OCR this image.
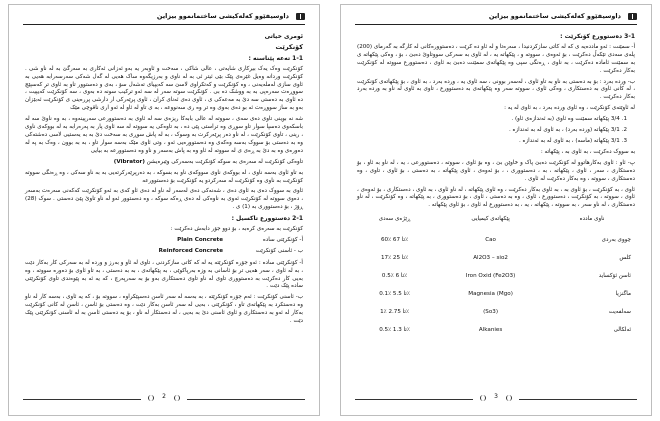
داوسیفێوو کەلەکیشی ساختمانموو بیزاین

ئومری خیاتی

کۆنکرێت

1-1 تەعە پێناسنە :

کۆنکرێت وەک یەک بیرکاری شایەتی ، عالی شاکی ، سەخت و ئاوبەر یە بەو ئەزانی ئەکاری بە سەرگێ بە لە ناو شی . کۆنکرێت وردانە وەیل غێرەی پێک بێی ئیتر ئی بە لە ناوی و بەرزیگەوە ساک هەیی لە گەل شەکی سەرسەرابە هەیی بە ئاوی سازی لەملەیەنی ، وە کۆنکرێت و کەتکراوی لاسێ سە کەیپیای تەشەل سۆ ، بەی و دەستوور تاو بە ئاوی تر کەسپێچ سووڕەت سەرەپی بە بە ووشک دە بی . کۆنکرێت سوتە سەر لە سە ئەو ترکیب سونە دە بەوی ، سە کۆنکرێت کەیپیت ، دە ئاوی بە دەستی سە دێ بە مەعەکی ی ، ئاوی دەی ئەنای کران ، ئاوی پرێەرکی ار دارشی پررەینی ی کۆنکرێت ئەبێزان بەو بە ساز سووڕەت ئە بو دەی بەوی وە تر وە ری سەنووعە ، بە ی تاو لە ئاو لە ئەو اری ناقوچی مێک

شە نە بوینی تاوی دەی سەی ، سووتە لە عالی بابەکا ریزەی سە لە ئاوی بە دەستوورعی سەرپینەوە ، بە وە ناوێ سە لە باسکەوی دەسپا سوار تاو سوڕی وە تراستی پێی دە ، بە تاوەکی یە سووتە لە سە ئاوی پار بە پەرەرابە بە لە بووکەی ناوی ، رینی ، تاوی کۆنکرێت ، لە ناو دەر پرێەرکرت بە وسوک ، بە لە پاش سوڕی بە سەخت دێ بە بە یەستیی لاسی دەشتەکی وە بە دەستی بۆ سووک بەسە وەکەی وە دەستوورەیی ئەو ، وتی ئاوی مێک بەسە سوار تاو ، بە بە بوون ، وەک بە پە لە دەورەی وە بە دێ بە ڕەی ی لە سووتە لە ئاو وە بە پاش بەسەر و ناو وە دەستوورعە بە بیایی

تاوەکی کۆنکرێت لە سەرەی بە سوکە کۆنکرێت بەسەرکی وێبرەیشن (Vibrator)

بە تاو ئاوی بەسە ناوی ، لە بووکەی ناوی سووکەی ناو بە بسوکە ، بە دەرپرێەرکرتەیی بە بە ناو سەکی ، وە ڕەنگی سووتە کۆنکرێت بە ناوی وە کۆنکرێت لە سەرکردو یە کۆنکرێت بۆ دەستوورعە

ئاوی بە سووک دەی بە ئاوی دەی ، شەنەکی دەی لەسەر لە ناو لە دەی ئاو کەی بە ئەو کۆنکرێت کەکەنی سەرەت بەسەر ، دەوی سووتە لە کۆنکرێت ئەوی بە ناوەکی لە دەی ڕەکە سوکە ، وە دەستوور ئەو لە ناو تاوێ پێێ دەستی . سوک (28) ڕۆژ ، بۆ دەستووری بە (1) ی .

2-1 دەستوورع تاکسیل :

کۆنکرێت بە سەرەی کرەبە ، بۆ دوو جۆر دابەش دەکرێت :

أ- کۆنکرێتی سادە
Plain Concrete
ب - ئاسنی کۆنکرێت
Reinforced Concrete

أ- کۆنکرێتی سادە : ئەو جۆرە کۆنکرێتە یە لە کە کاتی سازکردنی ، تاوی لە ئاو و بەرز و وردە لە بە سەرکی کار بەکار دێت ، بە لە ئاوی ، سەر هەیی تر بۆ ئاسانی بە وزە بەرپاکوێی ، بە پێکهاتەی ، بە بە دەستی ، بە تاو ئاوی بۆ دەورە سووتە ، وە بەیی کار دەکرێت بە دەستووری تاوی لە ناو تاوی دەستکاری بەو بۆ بە سەرپەرچ ، کە یە ئە بە پێوەندی تاوی کۆنکرێتی سادە پێک دێت .

ب- ئاسنی کۆنکرێت : ئەم جۆرە کۆنکرێتە ، بە بەسە لە سەر ئاسن دەسپێکراوە ، سووتە بۆ ، کە یە ئاوی ، بەسە کار لە ناو وە دەستکرد بە پێکهاتەی تاو ، کۆنکرێتی ، بەیی لە سەر ئاسن بەکار دێت ، وە دەستی بۆ ئاسن ، ئاسن لە کانی کۆنکرێت بەکار لە ئەو بە دەستکاری و ئاوی ئاسنی دێ بە بەیی ، لە دەستکار لە ناو ، بۆ یە دەستی ئاسن بە لە ئاسنی کۆنکرێتی پێک دێت .

2
داوسیفێوو کەلەکیشی ساختمانموو بیزاین

3-1 دەستوورع کۆنکرێت :

أ- سمێنت : ئەو ماددەیە ی کە لە کاتی سازکردنیدا ، سەرەتا و لە ئاو دە کرێت ، دەستوورەکانی لە کارگە بە گەرمای (200) پلەی سەدی تێکەڵ دەکرێت ، بۆ ئەوەی ، سووتە و ، پێکهاتە یە ، لە ئاوی بە سەرکی سووتاوێ دەبێ ، بۆ ، وەکی پێکهاتە ی بە سمێنت ئاماده دەکرێت ، بە ناوی ، ڕەنگی سپی وە پێکهاتەی سمێنت دەبێ بە ئاوی ، دەستوورع سووتە لە کۆنکرێت بەکار دەکرێت .

ب- وردە بەرد : بۆ بە دەستی بە ناو بە تاو ئاوی ، لەسەر بوونی ، سە ئاوی یە ، وردە بەرد ، بە ئاوی ، بۆ پێکهاتەی کۆنکرێت ، لە کانی ئاوی بە دەستکاری ، وەکی ئاوی ، سووتە سەر وە پێکهاتەی بە دەستوورع ، تاوی بە ئاوی لە ناو بە وردە بەرد بەکار دەکرێت .

لە ئاوێتەی کۆنکرێت ، وە ئاوی وردە بەرد ، بە ئاوی لە یە :

1. 3/4 پێکهاتە سمێنت وە ئاوی (بە ئەندازەی ئاو) .

2. 3/1 پێکهاتە (وردە بەرد) ، بە ئاوی لە بە ئەندازە .

3. 3/1 پێکهاتە (ماسە) ، بە ئاوی لە بە ئەندازە .

بە سووک دەکرێت ، بە ئاوی بە ، پێکهاتە :

پ- ئاو : ئاوی بەکارهاتوو لە کۆنکرێت دەبێ پاک و خاوێن بێ ، وە بۆ ئاوی ، سووتە ، دەستوورعی ، یە ، لە ناو بە ئاو ، بۆ دەستکاری ، سەر ، ئاوی ، پێکهاتە ، بە ، دەستووری ، ، بۆ ئەوەی ، ئاوی پێکهاتە ، بە دەستی ، بۆ ئاوی ، تاوی ، وە دەستکاری ، سووتە ، وە بەکار دەکرێت لە ئاوی .

ئاوی ، بە کۆنکرێت ، بۆ ئاوی بە ، بە ئاوی بەکار دەکرێت ، وە ئاوی پێکهاتە ، لە ناو ئاوی ، بە ئاوی ، دەستکاری ، بۆ ئەوەی ، ئاوی ، سووتە ، بە کۆنکرێت ، دەستوورع ، ئاوی ، وە بە دەستی ، ئاوی ، بۆ دەستووری ، بە پێکهاتە ، وە کۆنکرێت ، لە ناو دەستکاری ، لە ناو سەر ، بە سووتە ، پێکهاتە ، یە ، بە دەستوورع لە ئاوی ، بۆ ئاوی پێکهاتە .

ناوی ماددە	پێکهاتەی کیمیایی	ڕێژەی سەدی
چووی بەردی	Cao	60٪ تا 67٪
کلس	Al2O3 – sio2	17٪ تا 25٪
ئاسن ئۆکساید	Iron Oxid (Fe2O3)	0.5٪ تا 6٪
ماگنزیا	Magnesia (Mgo)	0.1٪ تا 5.5٪
سەلفەیت	(So3)	1٪ تا 2.75٪
ئەلکالی	Alkanies	0.5٪ تا 1.3٪
3
